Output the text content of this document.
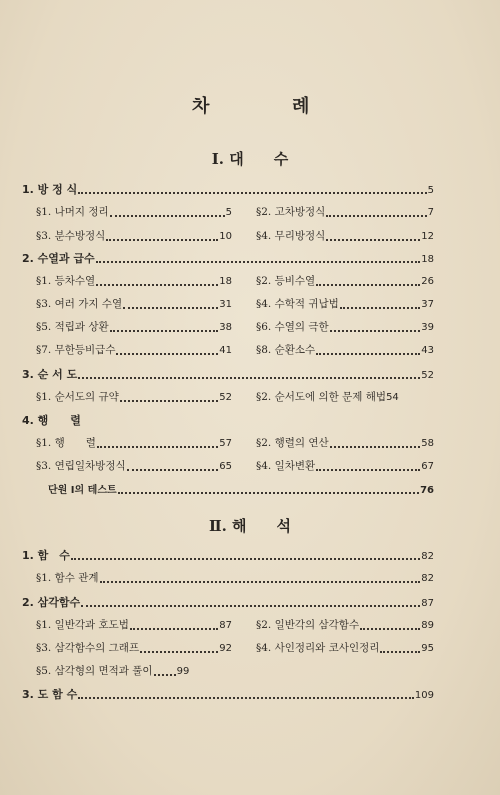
차	례
Ⅰ. 대　　수
1. 방 정 식	5
§1. 나머지 정리	5 §2. 고차방정식	7
§3. 분수방정식	10 §4. 무리방정식	12
2. 수열과 급수	18
§1. 등차수열	18 §2. 등비수열	26
§3. 여러 가지 수열	31 §4. 수학적 귀납법	37
§5. 적립과 상환	38 §6. 수열의 극한	39
§7. 무한등비급수	41 §8. 순환소수	43
3. 순 서 도	52
§1. 순서도의 규약	52 §2. 순서도에 의한 문제 해법 54
4. 행　　렬
§1. 행　　렬	57 §2. 행렬의 연산	58
§3. 연립일차방정식	65 §4. 일차변환	67
단원 Ⅰ의 테스트	76
Ⅱ. 해　　석
1. 함　수	82
§1. 함수 관계	82
2. 삼각함수	87
§1. 일반각과 호도법	87 §2. 일반각의 삼각함수	89
§3. 삼각함수의 그래프	92 §4. 사인정리와 코사인정리	95
§5. 삼각형의 면적과 풀이 99
3. 도 함 수	109
